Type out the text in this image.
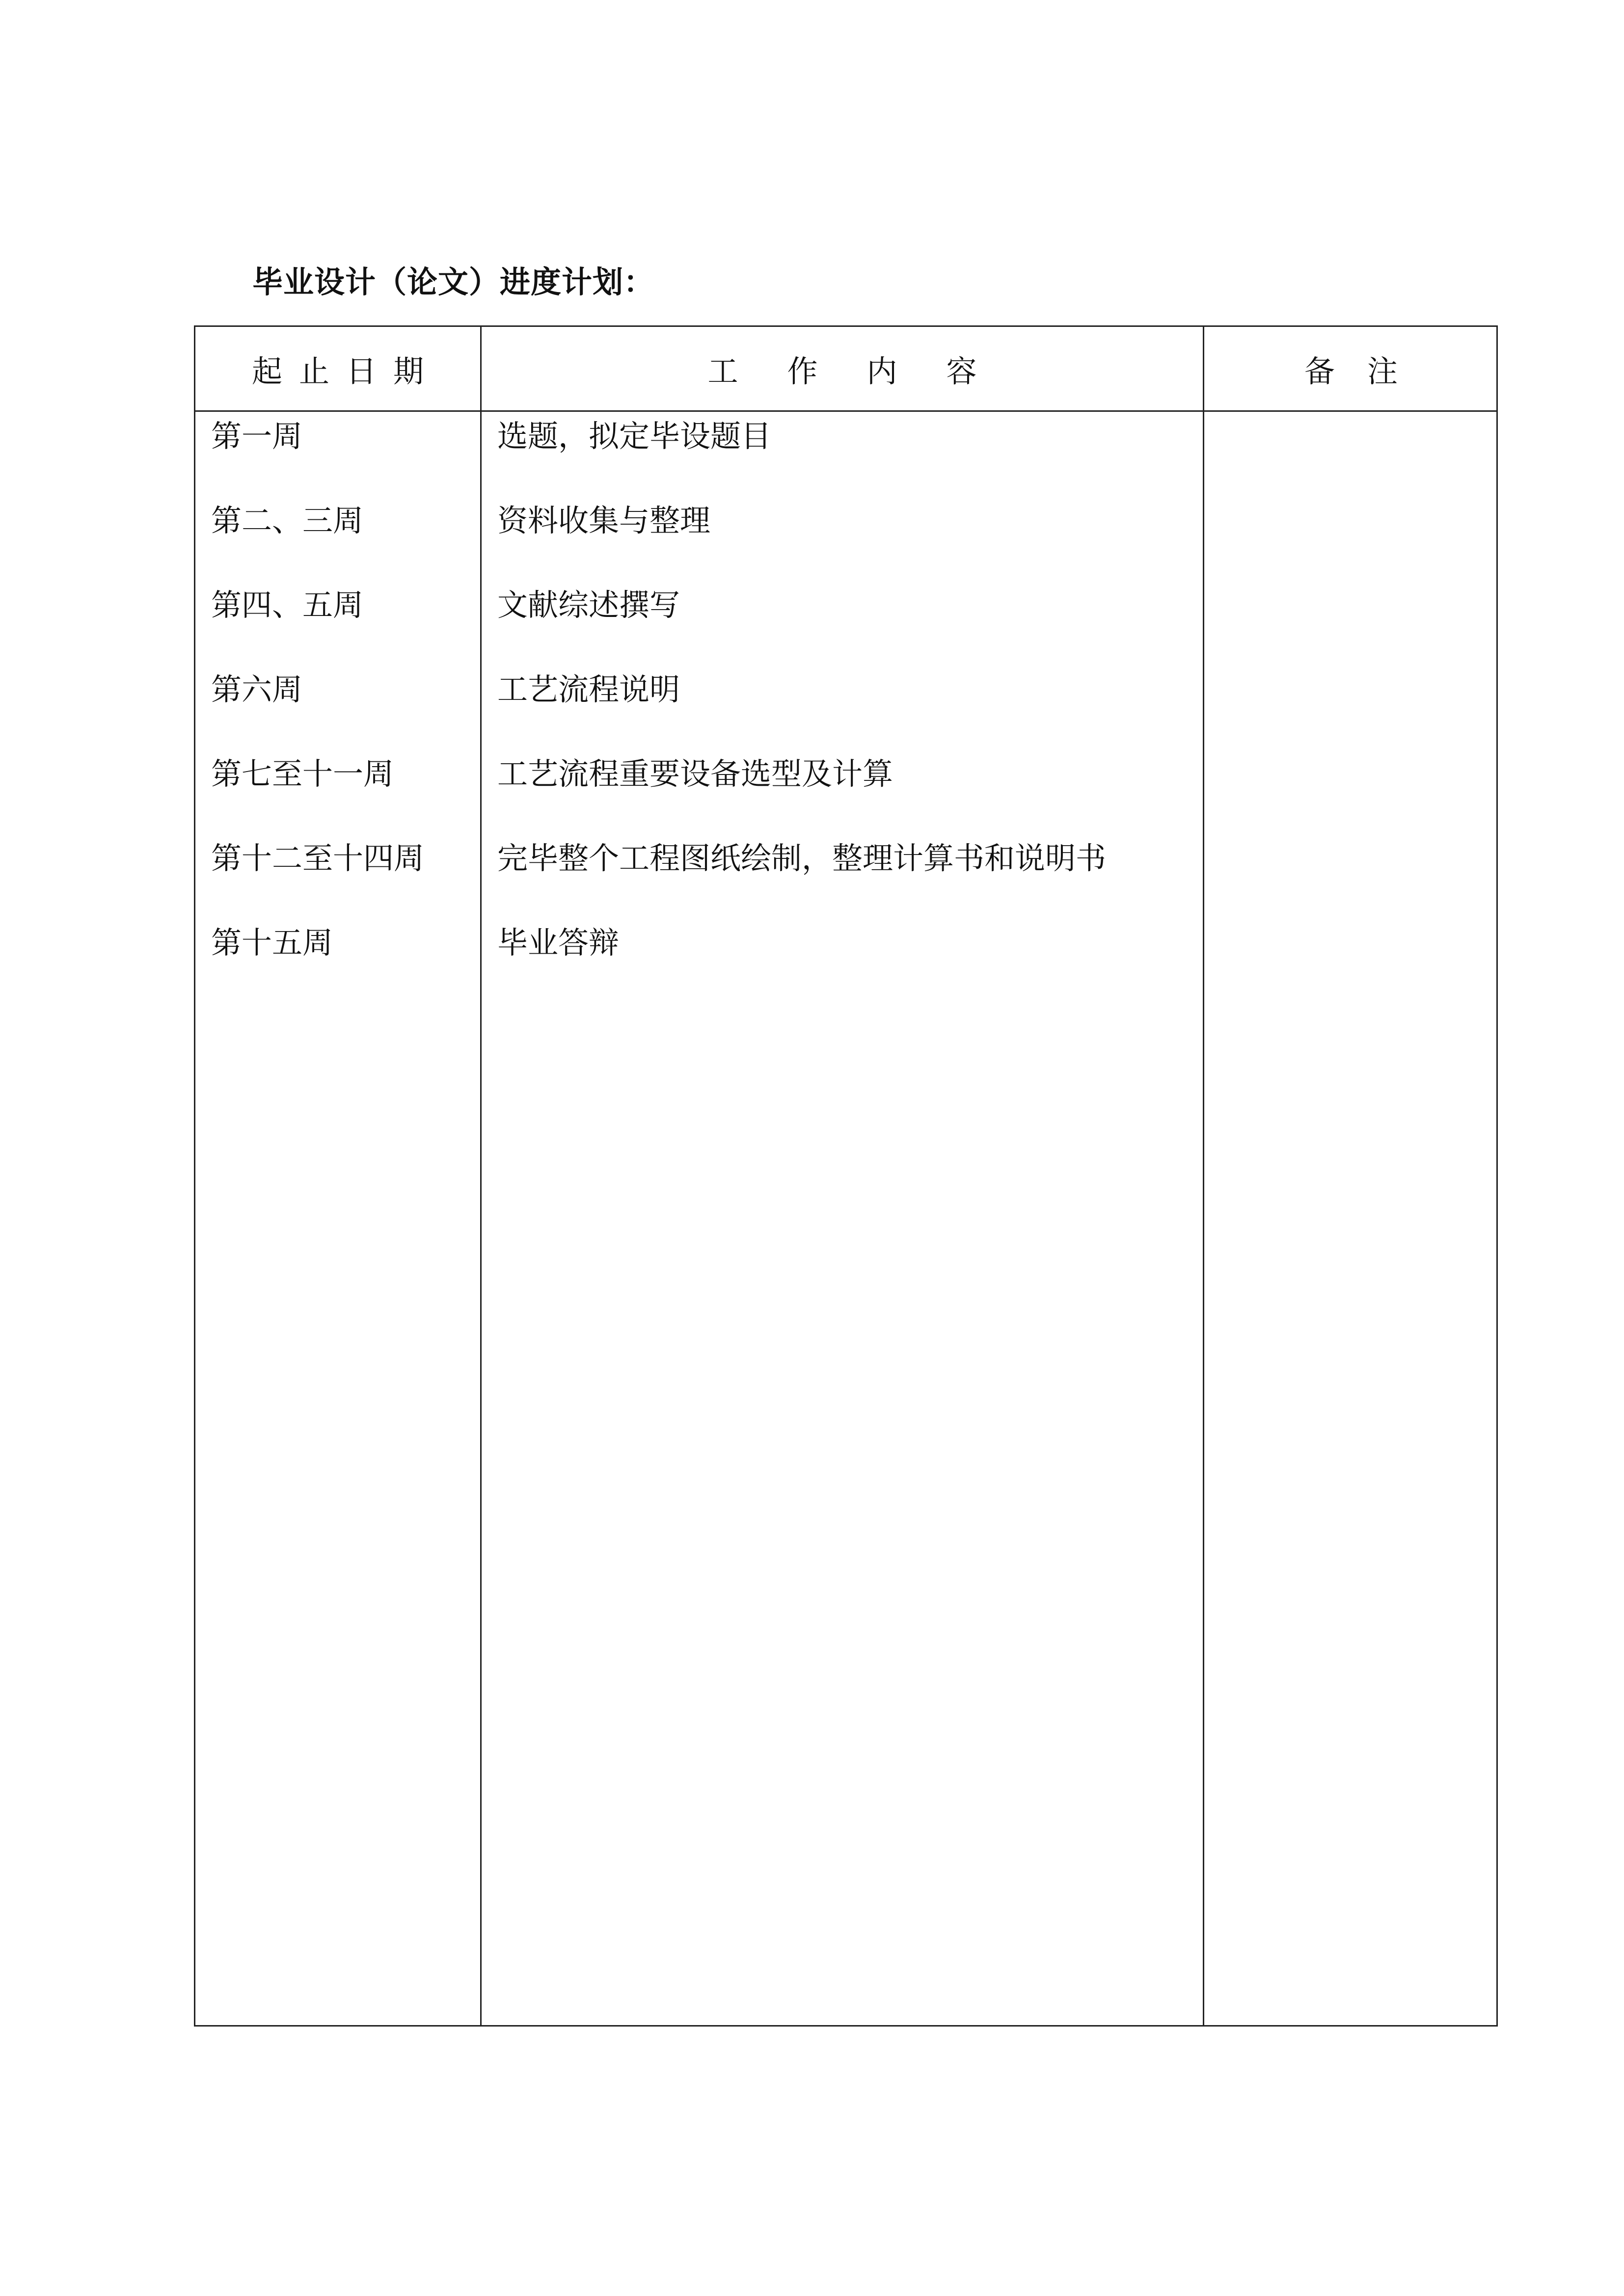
毕业设计（论文）进度计划：
起止日期	工作内容	备注
第一周	选题，拟定毕设题目
第二、三周	资料收集与整理
第四、五周	文献综述撰写
第六周	工艺流程说明
第七至十一周	工艺流程重要设备选型及计算
第十二至十四周 完毕整个工程图纸绘制，整理计算书和说明书
第十五周	毕业答辩
